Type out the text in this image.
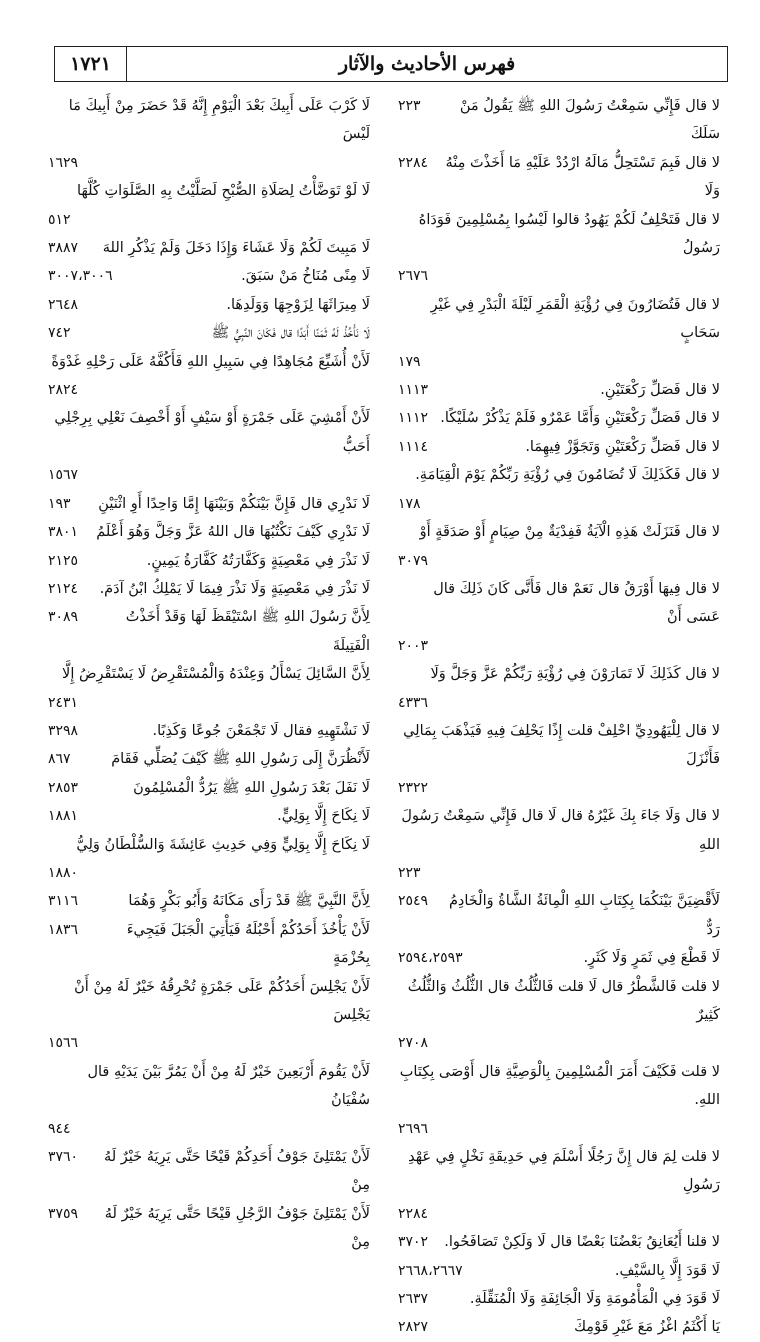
١٧٢١	فهرس الأحاديث والآثار
لا قال فَإِنِّي سَمِعْتُ رَسُولَ اللهِ ﷺ يَقُولُ مَنْ سَلَكَ
٢٢٣
لا قال فَبِمَ تَسْتَحِلُّ مَالَهُ ارْدُدْ عَلَيْهِ مَا أَخَذْتَ مِنْهُ وَلَا
٢٢٨٤
لا قال فَتَحْلِفُ لَكُمْ يَهُودُ قالوا لَيْسُوا بِمُسْلِمِينَ فَوَدَاهُ رَسُولُ
٢٦٧٦
لا قال فَتُضَارُونَ فِي رُؤْيَةِ الْقَمَرِ لَيْلَةَ الْبَدْرِ فِي غَيْرِ سَحَابٍ
١٧٩
لا قال فَصَلِّ رَكْعَتَيْنِ.
١١١٣
لا قال فَصَلِّ رَكْعَتَيْنِ وَأَمَّا عَمْرٌو فَلَمْ يَذْكُرْ سُلَيْكًا.
١١١٢
لا قال فَصَلِّ رَكْعَتَيْنِ وَتَجَوَّزْ فِيهِمَا.
١١١٤
لا قال فَكَذَلِكَ لَا تُضَامُونَ فِي رُؤْيَةِ رَبِّكُمْ يَوْمَ الْقِيَامَةِ.
١٧٨
لا قال فَنَزَلَتْ هَذِهِ الْآيَةُ فَفِدْيَةٌ مِنْ صِيَامٍ أَوْ صَدَقَةٍ أَوْ
٣٠٧٩
لا قال فِيهَا أَوْرَقُ قال نَعَمْ قال فَأَنَّى كَانَ ذَلِكَ قال عَسَى أَنْ
٢٠٠٣
لا قال كَذَلِكَ لَا تَمَارَوْنَ فِي رُؤْيَةِ رَبِّكُمْ عَزَّ وَجَلَّ وَلَا
٤٣٣٦
لا قال لِلْيَهُودِيِّ احْلِفْ قلت إِذًا يَحْلِفَ فِيهِ فَيَذْهَبَ بِمَالِي فَأَنْزَلَ
٢٣٢٢
لا قال وَلَا جَاءَ بِكَ غَيْرُهُ قال لَا قال فَإِنِّي سَمِعْتُ رَسُولَ اللهِ
٢٢٣
لَأَقْضِيَنَّ بَيْنَكُمَا بِكِتَابِ اللهِ الْمِائَةُ الشَّاةُ وَالْخَادِمُ رَدٌّ
٢٥٤٩
لَا قَطْعَ فِي ثَمَرٍ وَلَا كَثَرٍ.
٢٥٩٤،٢٥٩٣
لا قلت فَالشَّطْرُ قال لَا قلت فَالثُّلُثُ قال الثُّلُثُ وَالثُّلُثُ كَثِيرٌ
٢٧٠٨
لا قلت فَكَيْفَ أَمَرَ الْمُسْلِمِينَ بِالْوَصِيَّةِ قال أَوْصَى بِكِتَابِ اللهِ.
٢٦٩٦
لا قلت لِمَ قال إِنَّ رَجُلًا أَسْلَمَ فِي حَدِيقَةِ نَخْلٍ فِي عَهْدِ رَسُولِ
٢٢٨٤
لا قلنا أَيُعَانِقُ بَعْضُنَا بَعْضًا قال لَا وَلَكِنْ تَصَافَحُوا.
٣٧٠٢
لَا قَوَدَ إِلَّا بِالسَّيْفِ.
٢٦٦٨،٢٦٦٧
لَا قَوَدَ فِي الْمَأْمُومَةِ وَلَا الْجَائِفَةِ وَلَا الْمُنَقِّلَةِ.
٢٦٣٧
يَا أَكْثَمُ اغْزُ مَعَ غَيْرِ قَوْمِكَ
٢٨٢٧
لَا كَرْبَ عَلَى أَبِيكَ بَعْدَ الْيَوْمِ إِنَّهُ قَدْ حَضَرَ مِنْ أَبِيكَ مَا لَيْسَ
١٦٢٩
لَا لَوْ تَوَضَّأْتُ لِصَلَاةِ الصُّبْحِ لَصَلَّيْتُ بِهِ الصَّلَوَاتِ كُلَّهَا
٥١٢
لَا مَبِيتَ لَكُمْ وَلَا عَشَاءَ وَإِذَا دَخَلَ وَلَمْ يَذْكُرِ اللهَ
٣٨٨٧
لَا مِنًى مُنَاخُ مَنْ سَبَقَ.
٣٠٠٧،٣٠٠٦
لَا مِيرَاثَهَا لِزَوْجِهَا وَوَلَدِهَا.
٢٦٤٨
لَا نَأْخُذُ لَهُ ثَمَنًا أَبَدًا قال فَكَانَ النَّبِيُّ ﷺ
٧٤٢
لَأَنْ أُشَيِّعَ مُجَاهِدًا فِي سَبِيلِ اللهِ فَأَكُفَّهُ عَلَى رَحْلِهِ غَدْوَةً
٢٨٢٤
لَأَنْ أَمْشِيَ عَلَى جَمْرَةٍ أَوْ سَيْفٍ أَوْ أَخْصِفَ نَعْلِي بِرِجْلِي أَحَبُّ
١٥٦٧
لَا نَدْرِي قال فَإِنَّ بَيْنَكُمْ وَبَيْنَهَا إِمَّا وَاحِدًا أَوِ اثْنَيْنِ
١٩٣
لَا نَدْرِي كَيْفَ نَكْتُبُهَا قال اللهُ عَزَّ وَجَلَّ وَهُوَ أَعْلَمُ
٣٨٠١
لَا نَذْرَ فِي مَعْصِيَةٍ وَكَفَّارَتُهُ كَفَّارَةُ يَمِينٍ.
٢١٢٥
لَا نَذْرَ فِي مَعْصِيَةٍ وَلَا نَذْرَ فِيمَا لَا يَمْلِكُ ابْنُ آدَمَ.
٢١٢٤
لِأَنَّ رَسُولَ اللهِ ﷺ اسْتَيْقَظَ لَهَا وَقَدْ أَخَذْتُ الْفَتِيلَةَ
٣٠٨٩
لِأَنَّ السَّائِلَ يَسْأَلُ وَعِنْدَهُ وَالْمُسْتَقْرِضُ لَا يَسْتَقْرِضُ إِلَّا
٢٤٣١
لَا نَشْتَهِيهِ فقال لَا تَجْمَعْنَ جُوعًا وَكَذِبًا.
٣٢٩٨
لَأَنْظُرَنَّ إِلَى رَسُولِ اللهِ ﷺ كَيْفَ يُصَلِّي فَقَامَ
٨٦٧
لَا نَفَلَ بَعْدَ رَسُولِ اللهِ ﷺ يَرُدُّ الْمُسْلِمُونَ
٢٨٥٣
لَا نِكَاحَ إِلَّا بِوَلِيٍّ.
١٨٨١
لَا نِكَاحَ إِلَّا بِوَلِيٍّ وَفِي حَدِيثِ عَائِشَةَ وَالسُّلْطَانُ وَلِيُّ
١٨٨٠
لِأَنَّ النَّبِيَّ ﷺ قَدْ رَأَى مَكَانَهُ وَأَبُو بَكْرٍ وَهُمَا
٣١١٦
لَأَنْ يَأْخُذَ أَحَدُكُمْ أَحْبُلَهُ فَيَأْتِيَ الْجَبَلَ فَيَجِيءَ بِحُزْمَةٍ
١٨٣٦
لَأَنْ يَجْلِسَ أَحَدُكُمْ عَلَى جَمْرَةٍ تُحْرِقُهُ خَيْرٌ لَهُ مِنْ أَنْ يَجْلِسَ
١٥٦٦
لَأَنْ يَقُومَ أَرْبَعِينَ خَيْرٌ لَهُ مِنْ أَنْ يَمُرَّ بَيْنَ يَدَيْهِ قال سُفْيَانُ
٩٤٤
لَأَنْ يَمْتَلِئَ جَوْفُ أَحَدِكُمْ قَيْحًا حَتَّى يَرِيَهُ خَيْرٌ لَهُ مِنْ
٣٧٦٠
لَأَنْ يَمْتَلِئَ جَوْفُ الرَّجُلِ قَيْحًا حَتَّى يَرِيَهُ خَيْرٌ لَهُ مِنْ
٣٧٥٩
